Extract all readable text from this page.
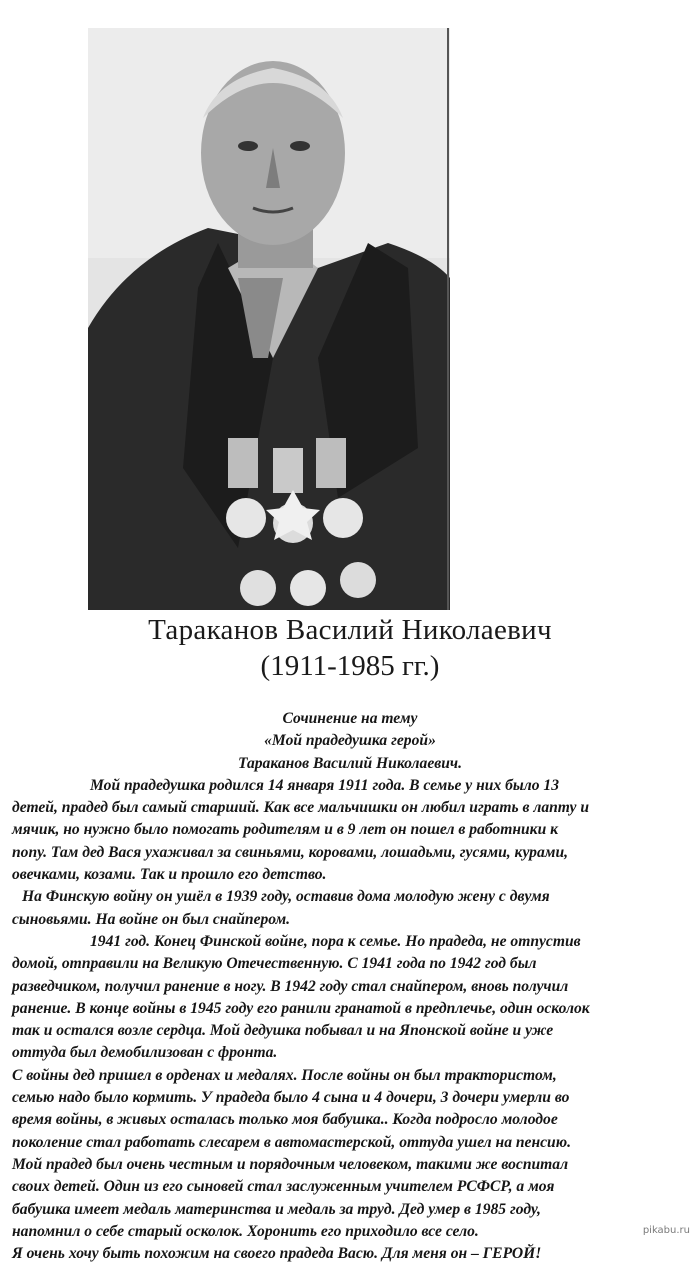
Тараканов Василий Николаевич
(1911-1985 гг.)
Сочинение на тему
«Мой прадедушка герой»
Тараканов Василий Николаевич.
Мой прадедушка родился 14 января 1911 года. В семье у них было 13
детей, прадед был самый старший. Как все мальчишки он любил играть в лапту и
мячик, но нужно было помогать родителям и в 9 лет он пошел в работники к
попу. Там дед Вася ухаживал за свиньями, коровами, лошадьми, гусями, курами,
овечками, козами. Так и прошло его детство.
На Финскую войну он ушёл в 1939 году, оставив дома молодую жену с двумя
сыновьями. На войне он был снайпером.
1941 год. Конец Финской войне, пора к семье. Но прадеда, не отпустив
домой, отправили на Великую Отечественную. С 1941 года по 1942 год был
разведчиком, получил ранение в ногу. В 1942 году стал снайпером, вновь получил
ранение. В конце войны в 1945 году его ранили гранатой в предплечье, один осколок
так и остался возле сердца. Мой дедушка побывал и на Японской войне и уже
оттуда был демобилизован с фронта.
С войны дед пришел в орденах и медалях. После войны он был трактористом,
семью надо было кормить. У прадеда было 4 сына и 4 дочери, 3 дочери умерли во
время войны, в живых осталась только моя бабушка.. Когда подросло молодое
поколение стал работать слесарем в автомастерской, оттуда ушел на пенсию.
Мой прадед был очень честным и порядочным человеком, такими же воспитал
своих детей. Один из его сыновей стал заслуженным учителем РСФСР, а моя
бабушка имеет медаль материнства и медаль за труд. Дед умер в 1985 году,
напомнил о себе старый осколок. Хоронить его приходило все село.
Я очень хочу быть похожим на своего прадеда Васю. Для меня он – ГЕРОЙ!
pikabu.ru
